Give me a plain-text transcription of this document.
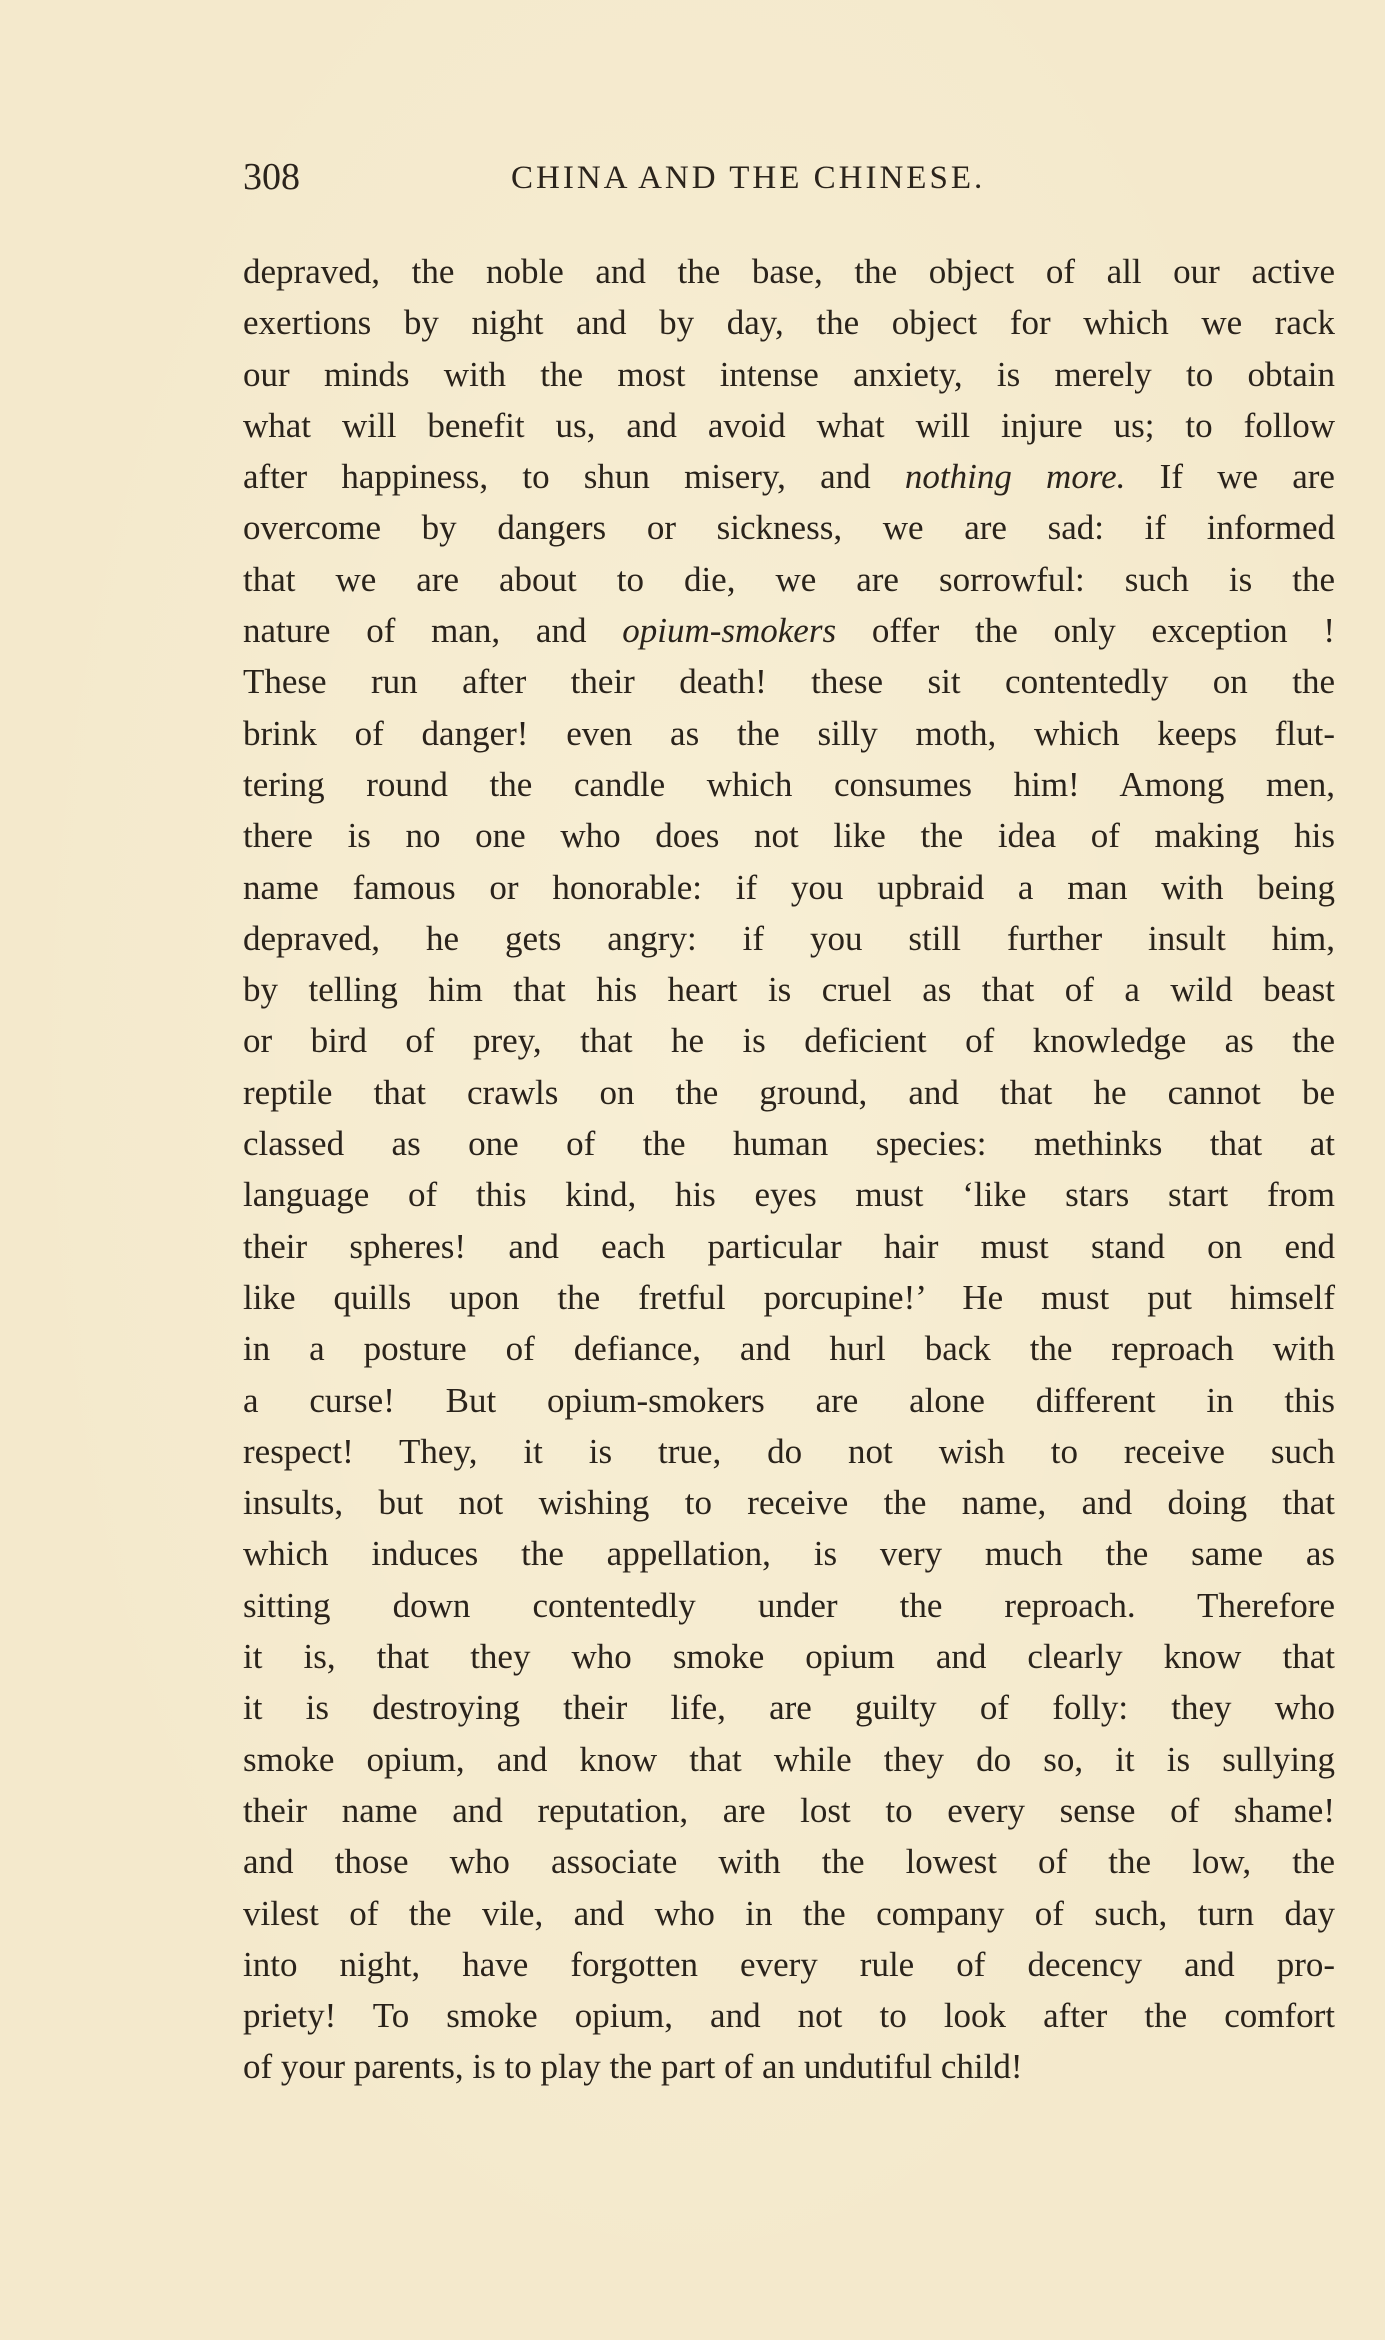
308	CHINA AND THE CHINESE.
depraved, the noble and the base, the object of all our active
exertions by night and by day, the object for which we rack
our minds with the most intense anxiety, is merely to obtain
what will benefit us, and avoid what will injure us; to follow
after happiness, to shun misery, and nothing more. If we are
overcome by dangers or sickness, we are sad: if informed
that we are about to die, we are sorrowful: such is the
nature of man, and opium-smokers offer the only exception !
These run after their death! these sit contentedly on the
brink of danger! even as the silly moth, which keeps flut-
tering round the candle which consumes him! Among men,
there is no one who does not like the idea of making his
name famous or honorable: if you upbraid a man with being
depraved, he gets angry: if you still further insult him,
by telling him that his heart is cruel as that of a wild beast
or bird of prey, that he is deficient of knowledge as the
reptile that crawls on the ground, and that he cannot be
classed as one of the human species: methinks that at
language of this kind, his eyes must ‘like stars start from
their spheres! and each particular hair must stand on end
like quills upon the fretful porcupine!’ He must put himself
in a posture of defiance, and hurl back the reproach with
a curse! But opium-smokers are alone different in this
respect! They, it is true, do not wish to receive such
insults, but not wishing to receive the name, and doing that
which induces the appellation, is very much the same as
sitting down contentedly under the reproach. Therefore
it is, that they who smoke opium and clearly know that
it is destroying their life, are guilty of folly: they who
smoke opium, and know that while they do so, it is sullying
their name and reputation, are lost to every sense of shame!
and those who associate with the lowest of the low, the
vilest of the vile, and who in the company of such, turn day
into night, have forgotten every rule of decency and pro-
priety! To smoke opium, and not to look after the comfort
of your parents, is to play the part of an undutiful child!
